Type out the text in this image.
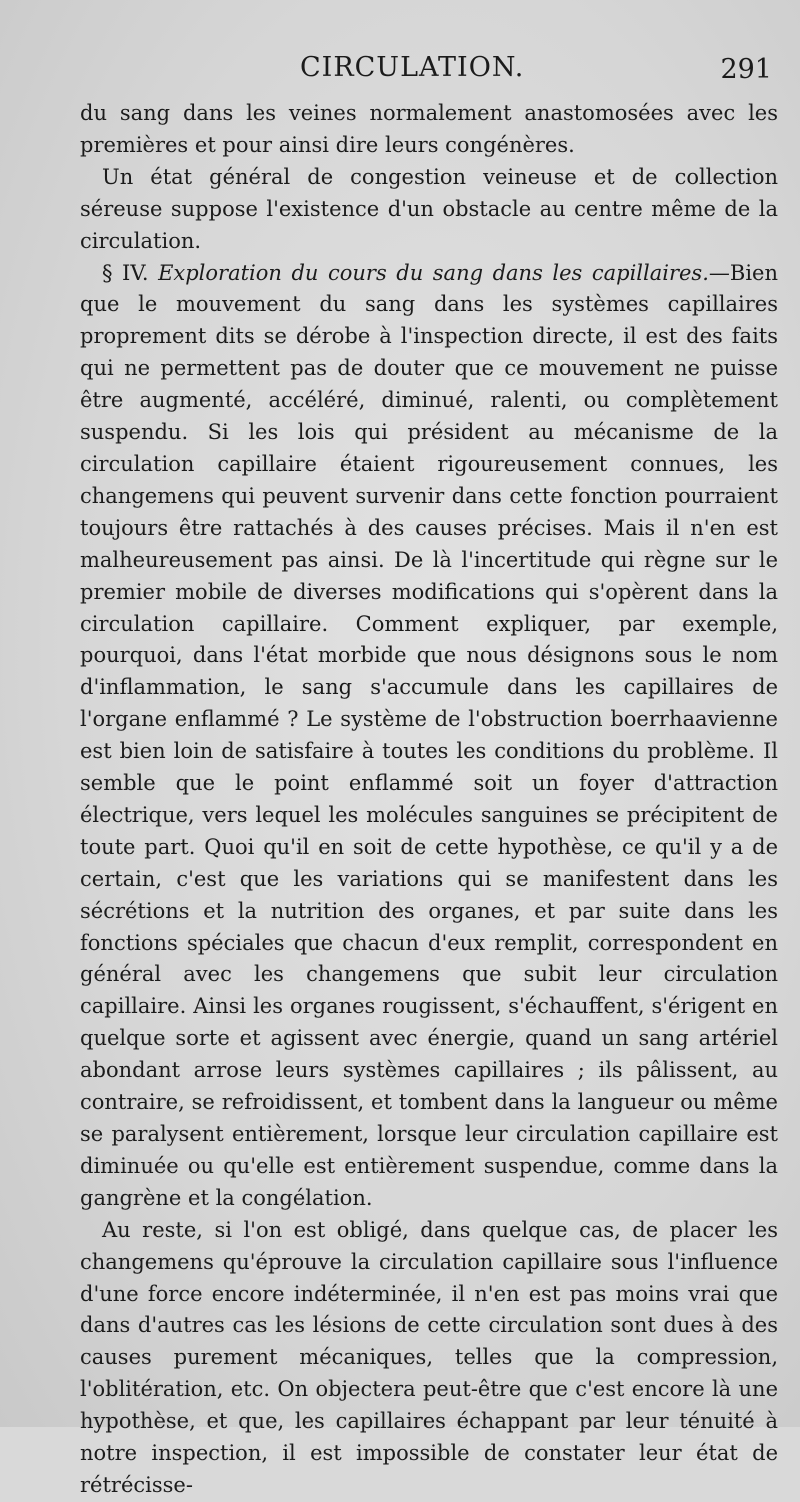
CIRCULATION.	291

du sang dans les veines normalement anastomosées avec les premières et pour ainsi dire leurs congénères.

Un état général de congestion veineuse et de collection séreuse suppose l'existence d'un obstacle au centre même de la circulation.

§ IV. Exploration du cours du sang dans les capillaires.—Bien que le mouvement du sang dans les systèmes capillaires proprement dits se dérobe à l'inspection directe, il est des faits qui ne permettent pas de douter que ce mouvement ne puisse être augmenté, accéléré, diminué, ralenti, ou complètement suspendu. Si les lois qui président au mécanisme de la circulation capillaire étaient rigoureusement connues, les changemens qui peuvent survenir dans cette fonction pourraient toujours être rattachés à des causes précises. Mais il n'en est malheureusement pas ainsi. De là l'incertitude qui règne sur le premier mobile de diverses modifications qui s'opèrent dans la circulation capillaire. Comment expliquer, par exemple, pourquoi, dans l'état morbide que nous désignons sous le nom d'inflammation, le sang s'accumule dans les capillaires de l'organe enflammé ? Le système de l'obstruction boerrhaavienne est bien loin de satisfaire à toutes les conditions du problème. Il semble que le point enflammé soit un foyer d'attraction électrique, vers lequel les molécules sanguines se précipitent de toute part. Quoi qu'il en soit de cette hypothèse, ce qu'il y a de certain, c'est que les variations qui se manifestent dans les sécrétions et la nutrition des organes, et par suite dans les fonctions spéciales que chacun d'eux remplit, correspondent en général avec les changemens que subit leur circulation capillaire. Ainsi les organes rougissent, s'échauffent, s'érigent en quelque sorte et agissent avec énergie, quand un sang artériel abondant arrose leurs systèmes capillaires ; ils pâlissent, au contraire, se refroidissent, et tombent dans la langueur ou même se paralysent entièrement, lorsque leur circulation capillaire est diminuée ou qu'elle est entièrement suspendue, comme dans la gangrène et la congélation.

Au reste, si l'on est obligé, dans quelque cas, de placer les changemens qu'éprouve la circulation capillaire sous l'influence d'une force encore indéterminée, il n'en est pas moins vrai que dans d'autres cas les lésions de cette circulation sont dues à des causes purement mécaniques, telles que la compression, l'oblitération, etc. On objectera peut-être que c'est encore là une hypothèse, et que, les capillaires échappant par leur ténuité à notre inspection, il est impossible de constater leur état de rétrécisse-
